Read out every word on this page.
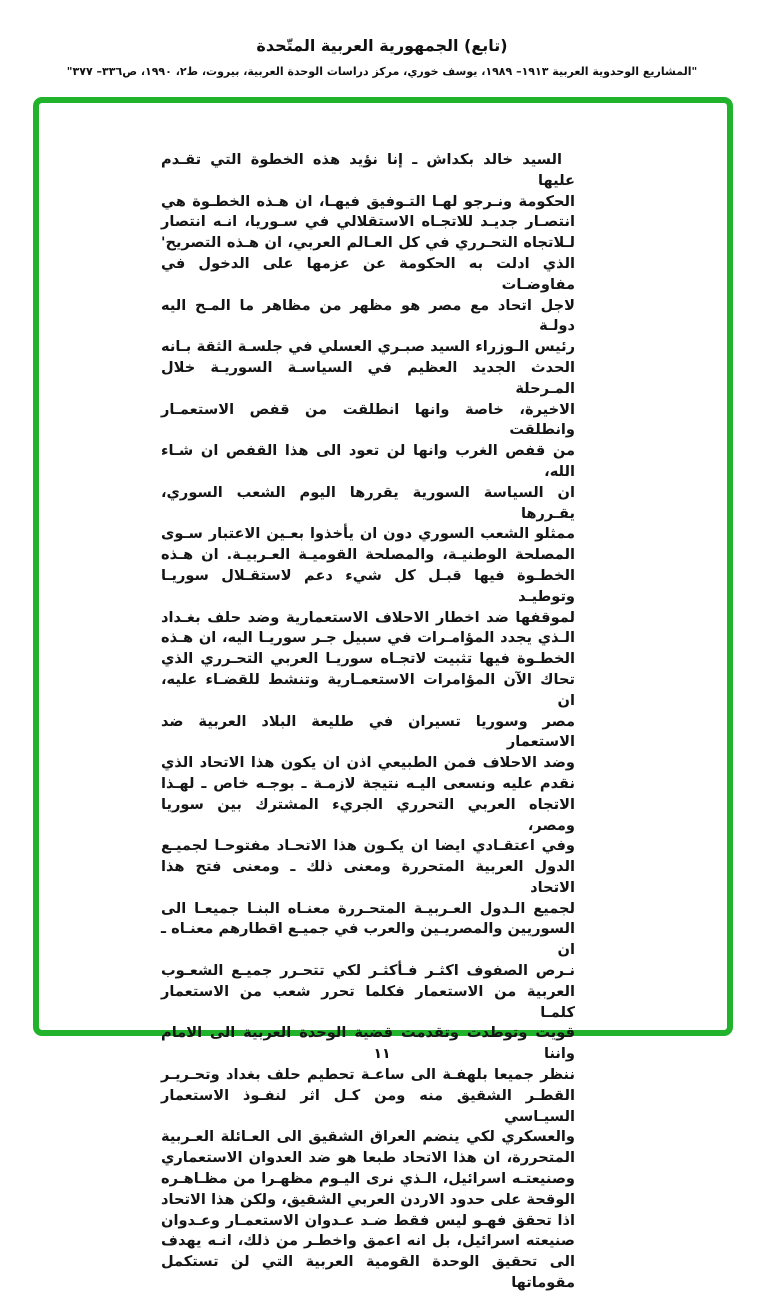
(تابع) الجمهورية العربية المتّحدة
"المشاريع الوحدوية العربية ١٩١٣– ١٩٨٩، يوسف خوري، مركز دراسات الوحدة العربية، بيروت، ط٢، ١٩٩٠، ص٣٣٦– ٣٧٧"
السيد خالد بكداش ـ إنا نؤيد هذه الخطوة التي تقـدم عليها
الحكومة ونـرجو لهـا التـوفيق فيهـا، ان هـذه الخطـوة هي
انتصـار جديـد للاتجـاه الاستقلالي في سـوريا، انـه انتصار
لـلاتجاه التحـرري في كل العـالم العربي، ان هـذه التصريح'
الذي ادلت به الحكومة عن عزمها على الدخول في مفاوضـات
لاجل اتحاد مع مصر هو مظهر من مظاهر ما المـح اليه دولـة
رئيس الـوزراء السيد صبـري العسلي في جلسـة الثقة بـانه
الحدث الجديد العظيم في السياسـة السوريـة خلال المـرحلة
الاخيرة، خاصة وانها انطلقت من قفص الاستعمـار وانطلقت
من قفص الغرب وانها لن تعود الى هذا القفص ان شـاء الله،
ان السياسة السورية يقررها اليوم الشعب السوري، يقـررها
ممثلو الشعب السوري دون ان يأخذوا بعـين الاعتبار سـوى
المصلحة الوطنيـة، والمصلحة القوميـة العـربيـة. ان هـذه
الخطـوة فيها قبـل كل شيء دعم لاستقـلال سوريـا وتوطيـد
لموقفها ضد اخطار الاحلاف الاستعمارية وضد حلف بغـداد
الـذي يجدد المؤامـرات في سبيل جـر سوريـا اليه، ان هـذه
الخطـوة فيها تثبيت لاتجـاه سوريـا العربي التحـرري الذي
تحاك الآن المؤامرات الاستعمـارية وتنشط للقضـاء عليه، ان
مصر وسوريا تسيران في طليعة البلاد العربية ضد الاستعمار
وضد الاحلاف فمن الطبيعي اذن ان يكون هذا الاتحاد الذي
نقدم عليه ونسعى اليـه نتيجة لازمـة ـ بوجـه خاص ـ لهـذا
الاتجاه العربي التحرري الجريء المشترك بين سوريا ومصر،
وفي اعتقـادي ايضا ان يكـون هذا الاتحـاد مفتوحـا لجميـع
الدول العربية المتحررة ومعنى ذلك ـ ومعنى فتح هذا الاتحاد
لجميع الـدول العـربيـة المتحـررة معنـاه البنـا جميعـا الى
السوريين والمصريـين والعرب في جميـع اقطارهم معنـاه ـ ان
نـرص الصفوف اكثـر فـأكثـر لكي تتحـرر جميـع الشعـوب
العربية من الاستعمار فكلما تحرر شعب من الاستعمار كلمـا
قويت وتوطدت وتقدمت قضية الوحدة العربية الى الامام واننا
ننظر جميعا بلهفـة الى ساعـة تحطيم حلف بغداد وتحـريـر
القطـر الشقيق منه ومن كـل اثر لنفـوذ الاستعمار السيـاسي
والعسكري لكي ينضم العراق الشقيق الى العـائلة العـربية
المتحررة، ان هذا الاتحاد طبعا هو ضد العدوان الاستعماري
وصنيعتـه اسرائيل، الـذي نرى اليـوم مظهـرا من مظـاهـره
الوقحة على حدود الاردن العربي الشقيق، ولكن هذا الاتحاد
اذا تحقق فهـو ليس فقط ضـد عـدوان الاستعمـار وعـدوان
صنيعته اسرائيل، بل انه اعمق واخطـر من ذلك، انـه يهدف
الى تحقيق الوحدة القومية العربية التي لن تستكمل مقوماتها
١١
